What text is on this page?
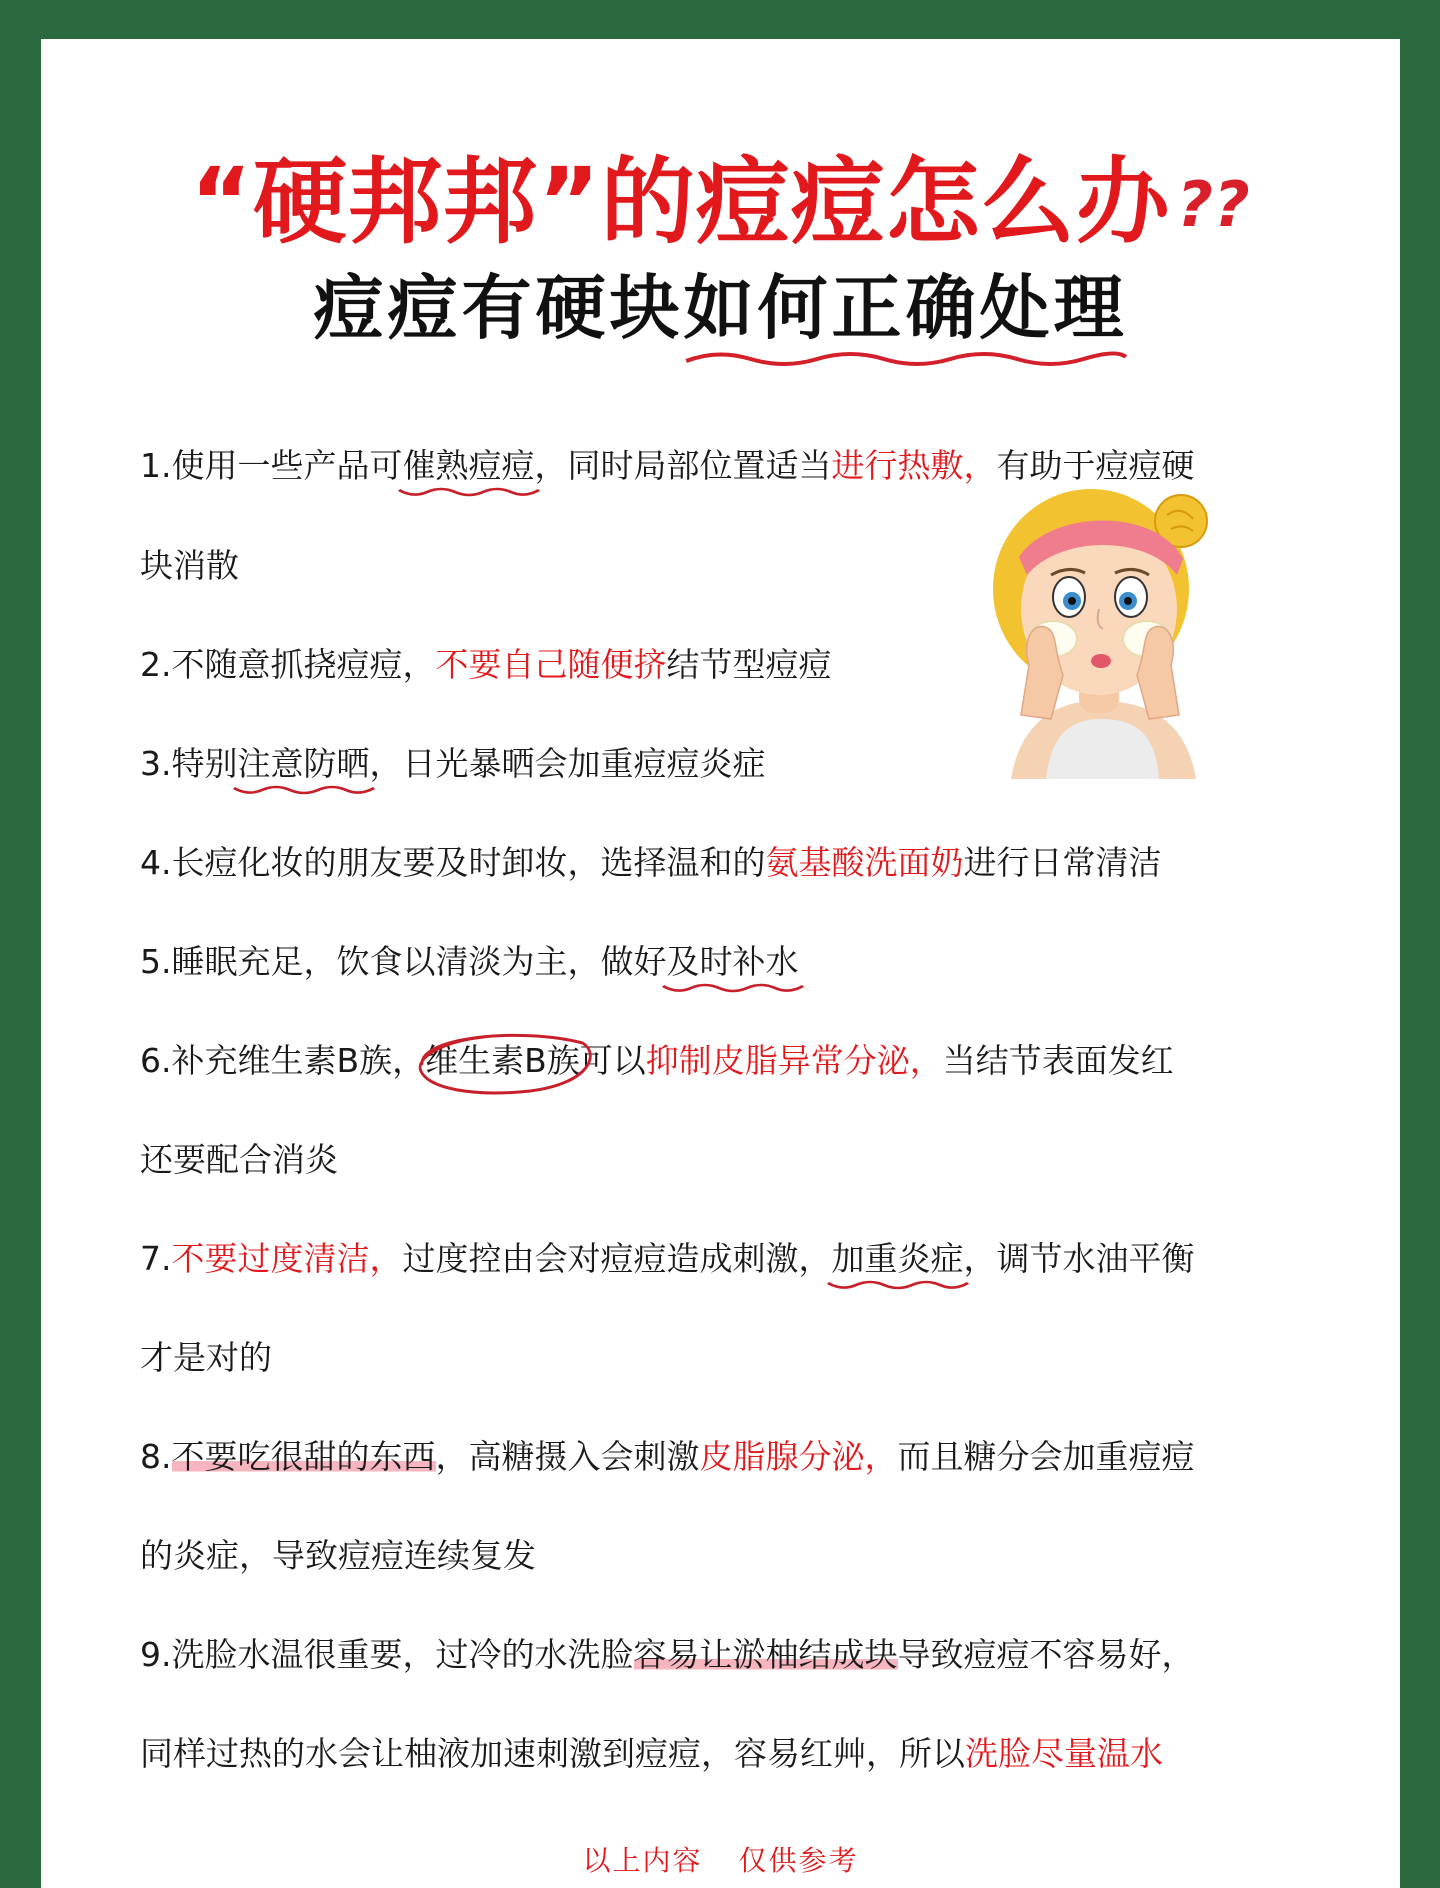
“硬邦邦”的痘痘怎么办??
痘痘有硬块如何正确处理
1.使用一些产品可催熟痘痘
，同时局部位置适当进行热敷，有助于痘痘硬
块消散
2.不随意抓挠痘痘，不要自己随便挤结节型痘痘
3.特别注意防晒
，日光暴晒会加重痘痘炎症
4.长痘化妆的朋友要及时卸妆，选择温和的氨基酸洗面奶进行日常清洁
5.睡眠充足，饮食以清淡为主，做好及时补水
6.补充维生素B族，维生素B族
可以抑制皮脂异常分泌，当结节表面发红
还要配合消炎
7.不要过度清洁，过度控由会对痘痘造成刺激，加重炎症
，调节水油平衡
才是对的
8.不要吃很甜的东西，高糖摄入会刺激皮脂腺分泌，而且糖分会加重痘痘
的炎症，导致痘痘连续复发
9.洗脸水温很重要，过冷的水洗脸容易让淤柚结成块导致痘痘不容易好，
同样过热的水会让柚液加速刺激到痘痘，容易红艸，所以洗脸尽量温水
以上内容 仅供参考
